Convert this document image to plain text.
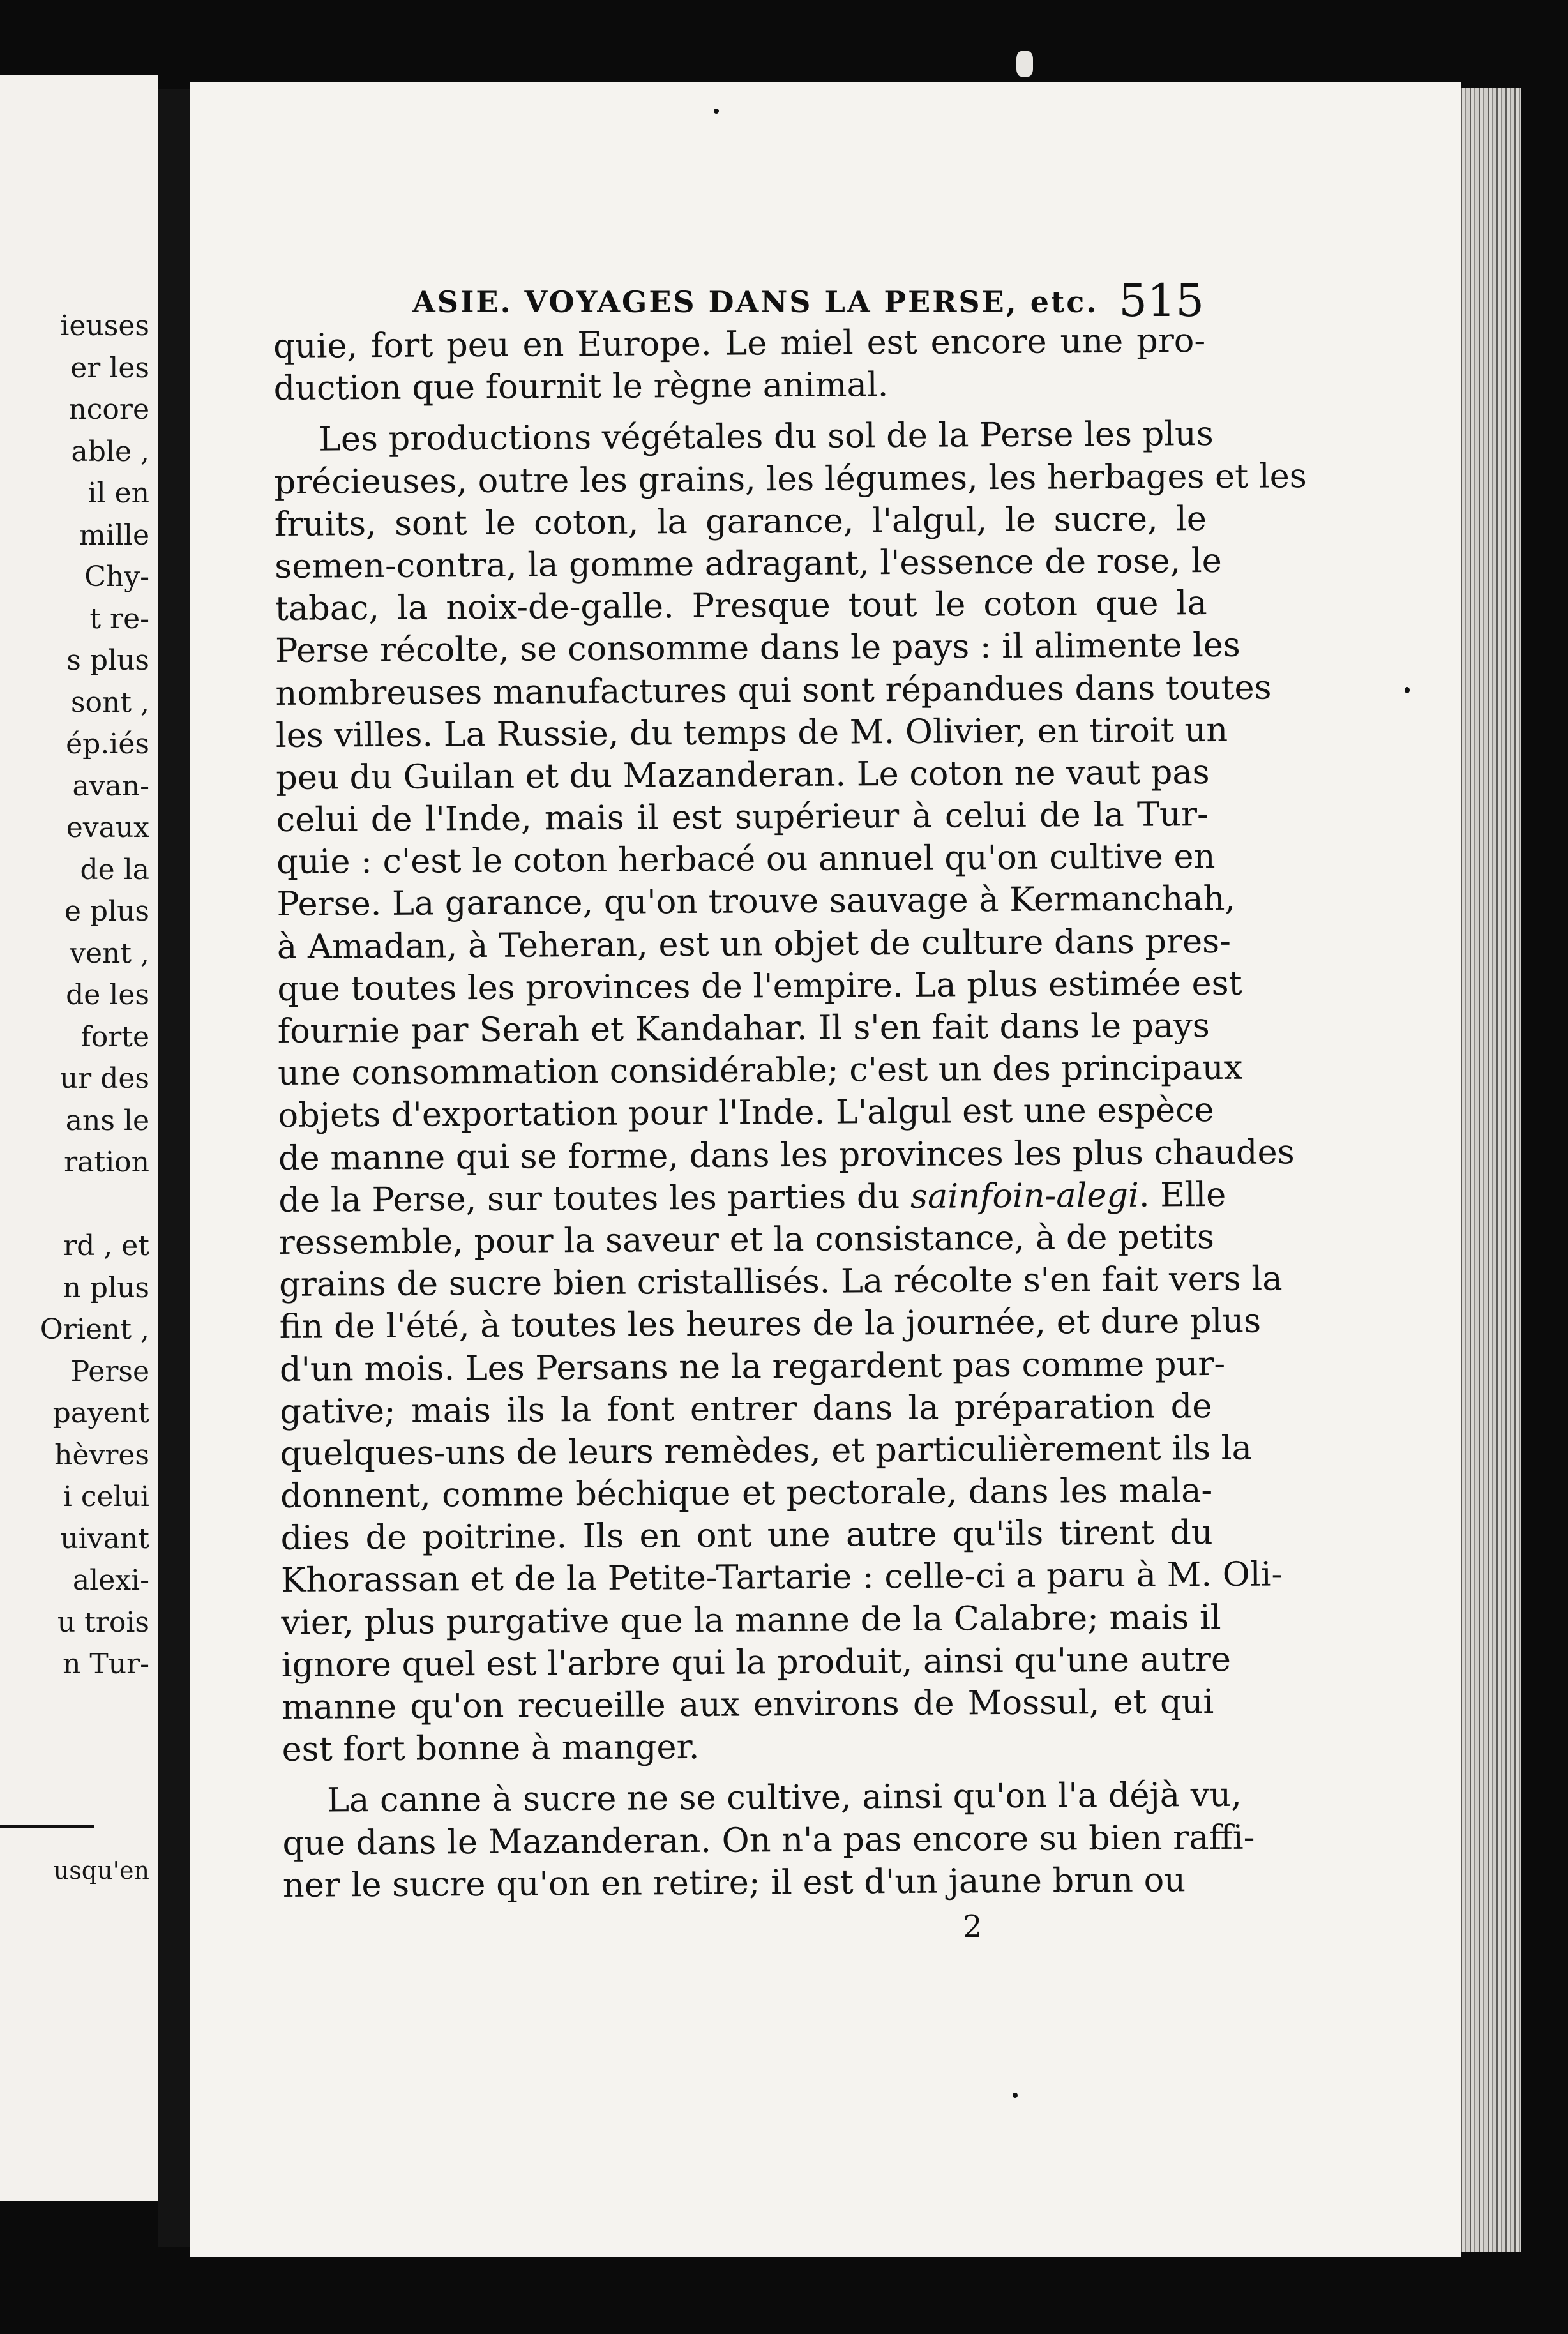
ieuses
er les
ncore
able ,
il en
mille
Chy-
t re-
s plus
sont ,
ép.iés
avan-
evaux
de la
e plus
vent ,
de les
forte
ur des
ans le
ration
rd , et
n plus
Orient ,
Perse
payent
hèvres
i celui
uivant
alexi-
u trois
n Tur-
usqu'en
ASIE. VOYAGES DANS LA PERSE, etc. 515
quie, fort peu en Europe. Le miel est encore une pro-
duction que fournit le règne animal.
Les productions végétales du sol de la Perse les plus
précieuses, outre les grains, les légumes, les herbages et les
fruits, sont le coton, la garance, l'algul, le sucre, le
semen-contra, la gomme adragant, l'essence de rose, le
tabac, la noix-de-galle. Presque tout le coton que la
Perse récolte, se consomme dans le pays : il alimente les
nombreuses manufactures qui sont répandues dans toutes
les villes. La Russie, du temps de M. Olivier, en tiroit un
peu du Guilan et du Mazanderan. Le coton ne vaut pas
celui de l'Inde, mais il est supérieur à celui de la Tur-
quie : c'est le coton herbacé ou annuel qu'on cultive en
Perse. La garance, qu'on trouve sauvage à Kermanchah,
à Amadan, à Teheran, est un objet de culture dans pres-
que toutes les provinces de l'empire. La plus estimée est
fournie par Serah et Kandahar. Il s'en fait dans le pays
une consommation considérable; c'est un des principaux
objets d'exportation pour l'Inde. L'algul est une espèce
de manne qui se forme, dans les provinces les plus chaudes
de la Perse, sur toutes les parties du sainfoin-alegi. Elle
ressemble, pour la saveur et la consistance, à de petits
grains de sucre bien cristallisés. La récolte s'en fait vers la
fin de l'été, à toutes les heures de la journée, et dure plus
d'un mois. Les Persans ne la regardent pas comme pur-
gative; mais ils la font entrer dans la préparation de
quelques-uns de leurs remèdes, et particulièrement ils la
donnent, comme béchique et pectorale, dans les mala-
dies de poitrine. Ils en ont une autre qu'ils tirent du
Khorassan et de la Petite-Tartarie : celle-ci a paru à M. Oli-
vier, plus purgative que la manne de la Calabre; mais il
ignore quel est l'arbre qui la produit, ainsi qu'une autre
manne qu'on recueille aux environs de Mossul, et qui
est fort bonne à manger.
La canne à sucre ne se cultive, ainsi qu'on l'a déjà vu,
que dans le Mazanderan. On n'a pas encore su bien raffi-
ner le sucre qu'on en retire; il est d'un jaune brun ou
2
